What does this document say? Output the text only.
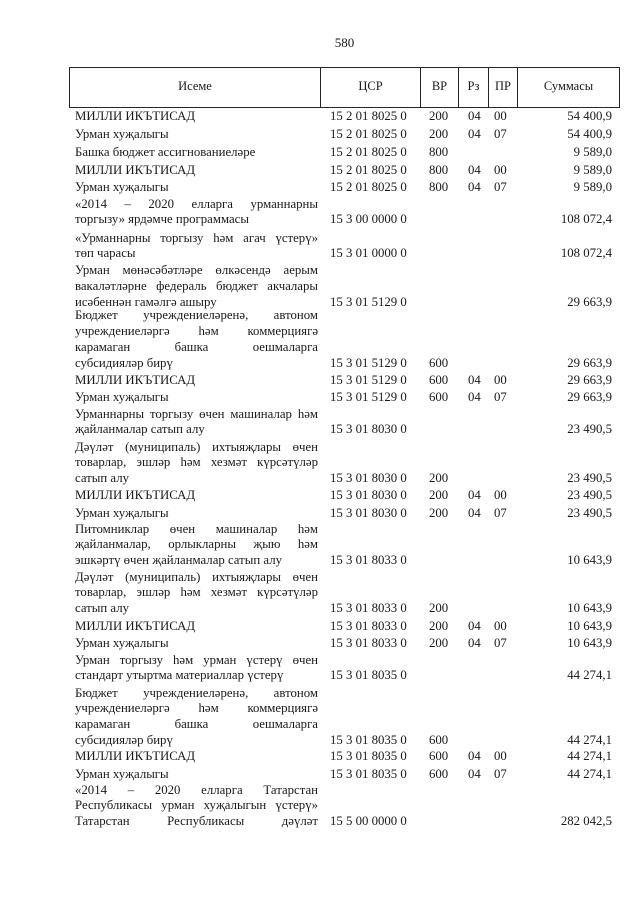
580
Исеме	ЦСР	ВР	Рз	ПР	Суммасы
МИЛЛИ ИКЪТИСАД	15 2 01 8025 0	200	04	00	54 400,9
Урман хуҗалыгы	15 2 01 8025 0	200	04	07	54 400,9
Башка бюджет ассигнованиеләре	15 2 01 8025 0	800	9 589,0
МИЛЛИ ИКЪТИСАД	15 2 01 8025 0	800	04	00	9 589,0
Урман хуҗалыгы	15 2 01 8025 0	800	04	07	9 589,0
«2014 – 2020 елларга урманнарны
торгызу» ярдәмче программасы	15 3 00 0000 0	108 072,4
«Урманнарны торгызу һәм агач үстерү»
төп чарасы	15 3 01 0000 0	108 072,4
Урман мөнәсәбәтләре өлкәсендә аерым
вакаләтләрне федераль бюджет акчалары
исәбеннән гамәлгә ашыру	15 3 01 5129 0	29 663,9
Бюджет учреждениеләренә, автоном
учреждениеләргә һәм коммерциягә
карамаган башка оешмаларга
субсидияләр бирү	15 3 01 5129 0	600	29 663,9
МИЛЛИ ИКЪТИСАД	15 3 01 5129 0	600	04	00	29 663,9
Урман хуҗалыгы	15 3 01 5129 0	600	04	07	29 663,9
Урманнарны торгызу өчен машиналар һәм
җайланмалар сатып алу	15 3 01 8030 0	23 490,5
Дәүләт (муниципаль) ихтыяҗлары өчен
товарлар, эшләр һәм хезмәт күрсәтүләр
сатып алу	15 3 01 8030 0	200	23 490,5
МИЛЛИ ИКЪТИСАД	15 3 01 8030 0	200	04	00	23 490,5
Урман хуҗалыгы	15 3 01 8030 0	200	04	07	23 490,5
Питомниклар өчен машиналар һәм
җайланмалар, орлыкларны җыю һәм
эшкәртү өчен җайланмалар сатып алу	15 3 01 8033 0	10 643,9
Дәүләт (муниципаль) ихтыяҗлары өчен
товарлар, эшләр һәм хезмәт күрсәтүләр
сатып алу	15 3 01 8033 0	200	10 643,9
МИЛЛИ ИКЪТИСАД	15 3 01 8033 0	200	04	00	10 643,9
Урман хуҗалыгы	15 3 01 8033 0	200	04	07	10 643,9
Урман торгызу һәм урман үстерү өчен
стандарт утыртма материаллар үстерү	15 3 01 8035 0	44 274,1
Бюджет учреждениеләренә, автоном
учреждениеләргә һәм коммерциягә
карамаган башка оешмаларга
субсидияләр бирү	15 3 01 8035 0	600	44 274,1
МИЛЛИ ИКЪТИСАД	15 3 01 8035 0	600	04	00	44 274,1
Урман хуҗалыгы	15 3 01 8035 0	600	04	07	44 274,1
«2014 – 2020 елларга Татарстан
Республикасы урман хуҗалыгын үстерү»
Татарстан Республикасы дәүләт 15 5 00 0000 0	282 042,5
